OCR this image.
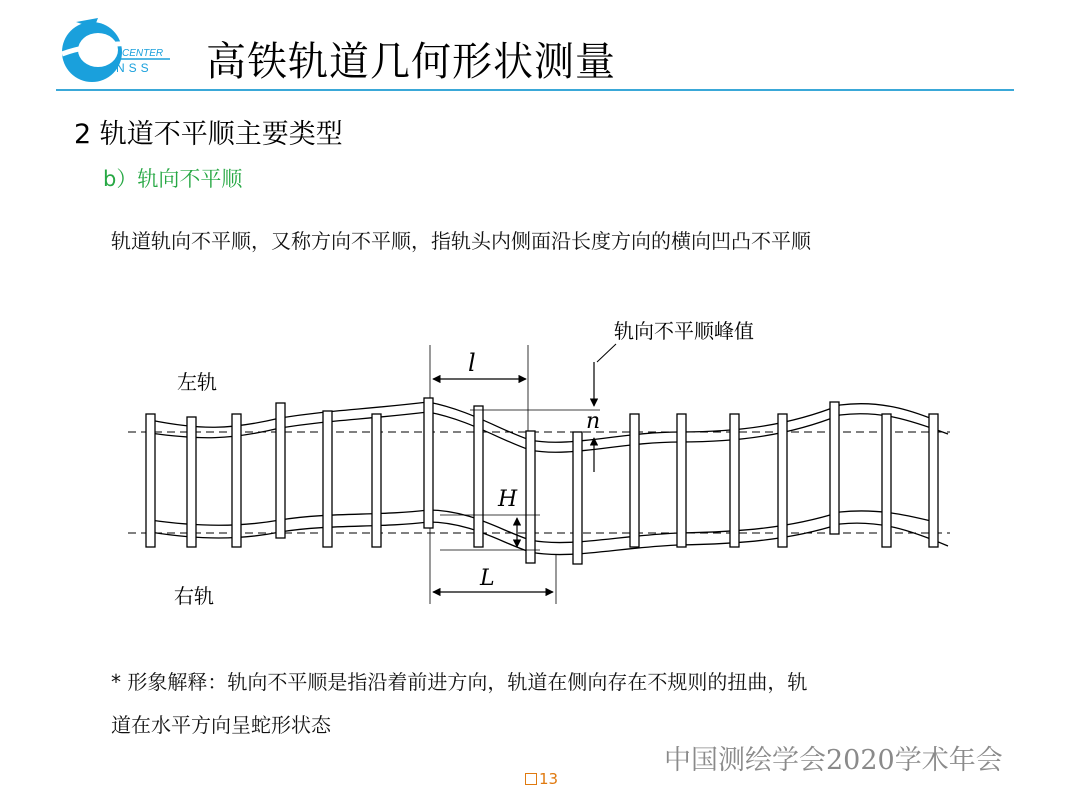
CENTER
NSS 高铁轨道几何形状测量
2 轨道不平顺主要类型
b）轨向不平顺
轨道轨向不平顺，又称方向不平顺，指轨头内侧面沿长度方向的横向凹凸不平顺
l
轨向不平顺峰值
n
H
L
左轨
右轨
* 形象解释：轨向不平顺是指沿着前进方向，轨道在侧向存在不规则的扭曲，轨
道在水平方向呈蛇形状态
中国测绘学会2020学术年会
13
